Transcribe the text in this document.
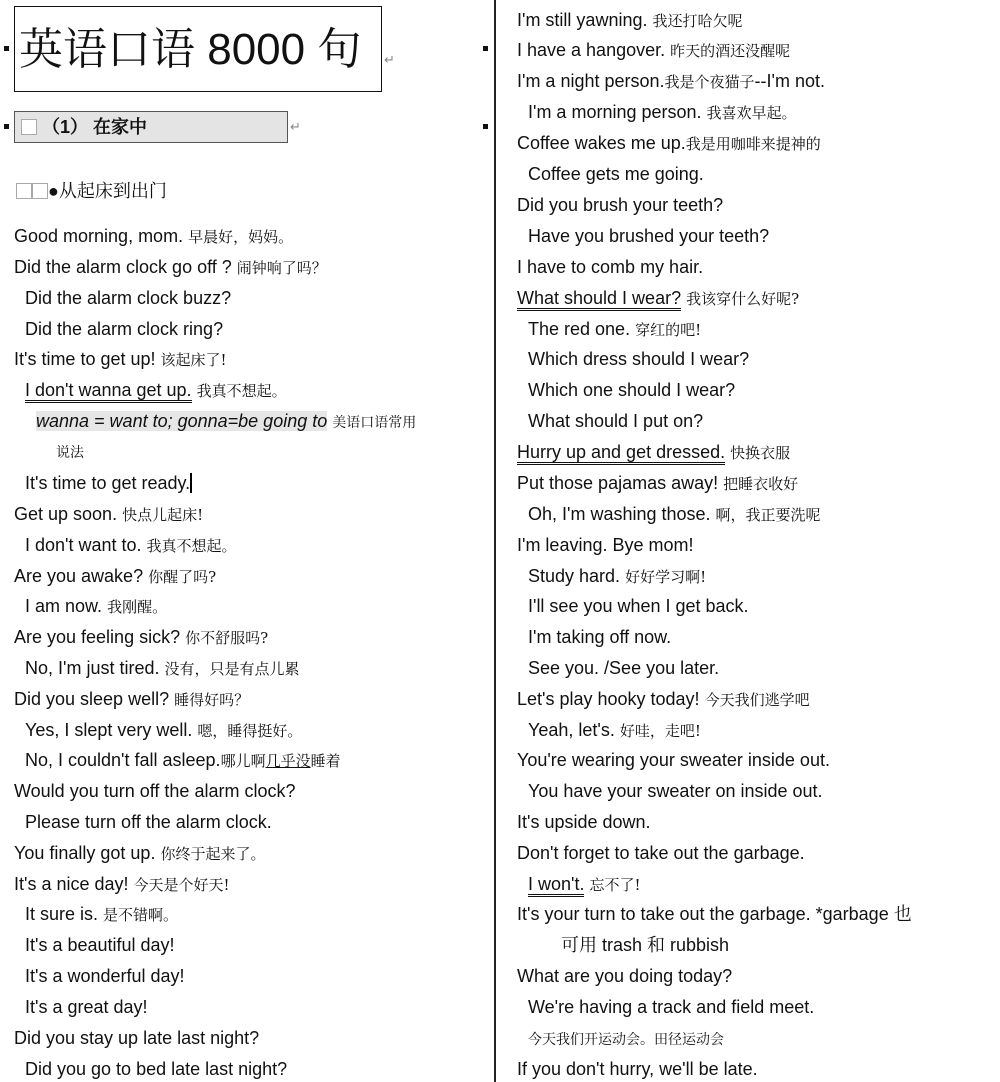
英语口语 8000 句	↵
（1） 在家中	↵
●从起床到出门
Good morning, mom. 早晨好，妈妈。
Did the alarm clock go off ? 闹钟响了吗？
Did the alarm clock buzz?
Did the alarm clock ring?
It's time to get up! 该起床了!
I don't wanna get up. 我真不想起。
wanna = want to; gonna=be going to 美语口语常用
说法
It's time to get ready.
Get up soon. 快点儿起床!
I don't want to. 我真不想起。
Are you awake? 你醒了吗?
I am now. 我刚醒。
Are you feeling sick? 你不舒服吗?
No, I'm just tired. 没有，只是有点儿累
Did you sleep well? 睡得好吗？
Yes, I slept very well. 嗯，睡得挺好。
No, I couldn't fall asleep.哪儿啊几乎没睡着
Would you turn off the alarm clock?
Please turn off the alarm clock.
You finally got up. 你终于起来了。
It's a nice day! 今天是个好天!
It sure is. 是不错啊。
It's a beautiful day!
It's a wonderful day!
It's a great day!
Did you stay up late last night?
Did you go to bed late last night?
I'm still yawning. 我还打哈欠呢
I have a hangover. 昨天的酒还没醒呢
I'm a night person.我是个夜猫子--I'm not.
I'm a morning person. 我喜欢早起。
Coffee wakes me up.我是用咖啡来提神的
Coffee gets me going.
Did you brush your teeth?
Have you brushed your teeth?
I have to comb my hair.
What should I wear? 我该穿什么好呢?
The red one. 穿红的吧!
Which dress should I wear?
Which one should I wear?
What should I put on?
Hurry up and get dressed. 快换衣服
Put those pajamas away! 把睡衣收好
Oh, I'm washing those. 啊，我正要洗呢
I'm leaving. Bye mom!
Study hard. 好好学习啊!
I'll see you when I get back.
I'm taking off now.
See you. /See you later.
Let's play hooky today! 今天我们逃学吧
Yeah, let's. 好哇，走吧!
You're wearing your sweater inside out.
You have your sweater on inside out.
It's upside down.
Don't forget to take out the garbage.
I won't. 忘不了!
It's your turn to take out the garbage. *garbage 也
可用 trash 和 rubbish
What are you doing today?
We're having a track and field meet.
今天我们开运动会。田径运动会
If you don't hurry, we'll be late.
